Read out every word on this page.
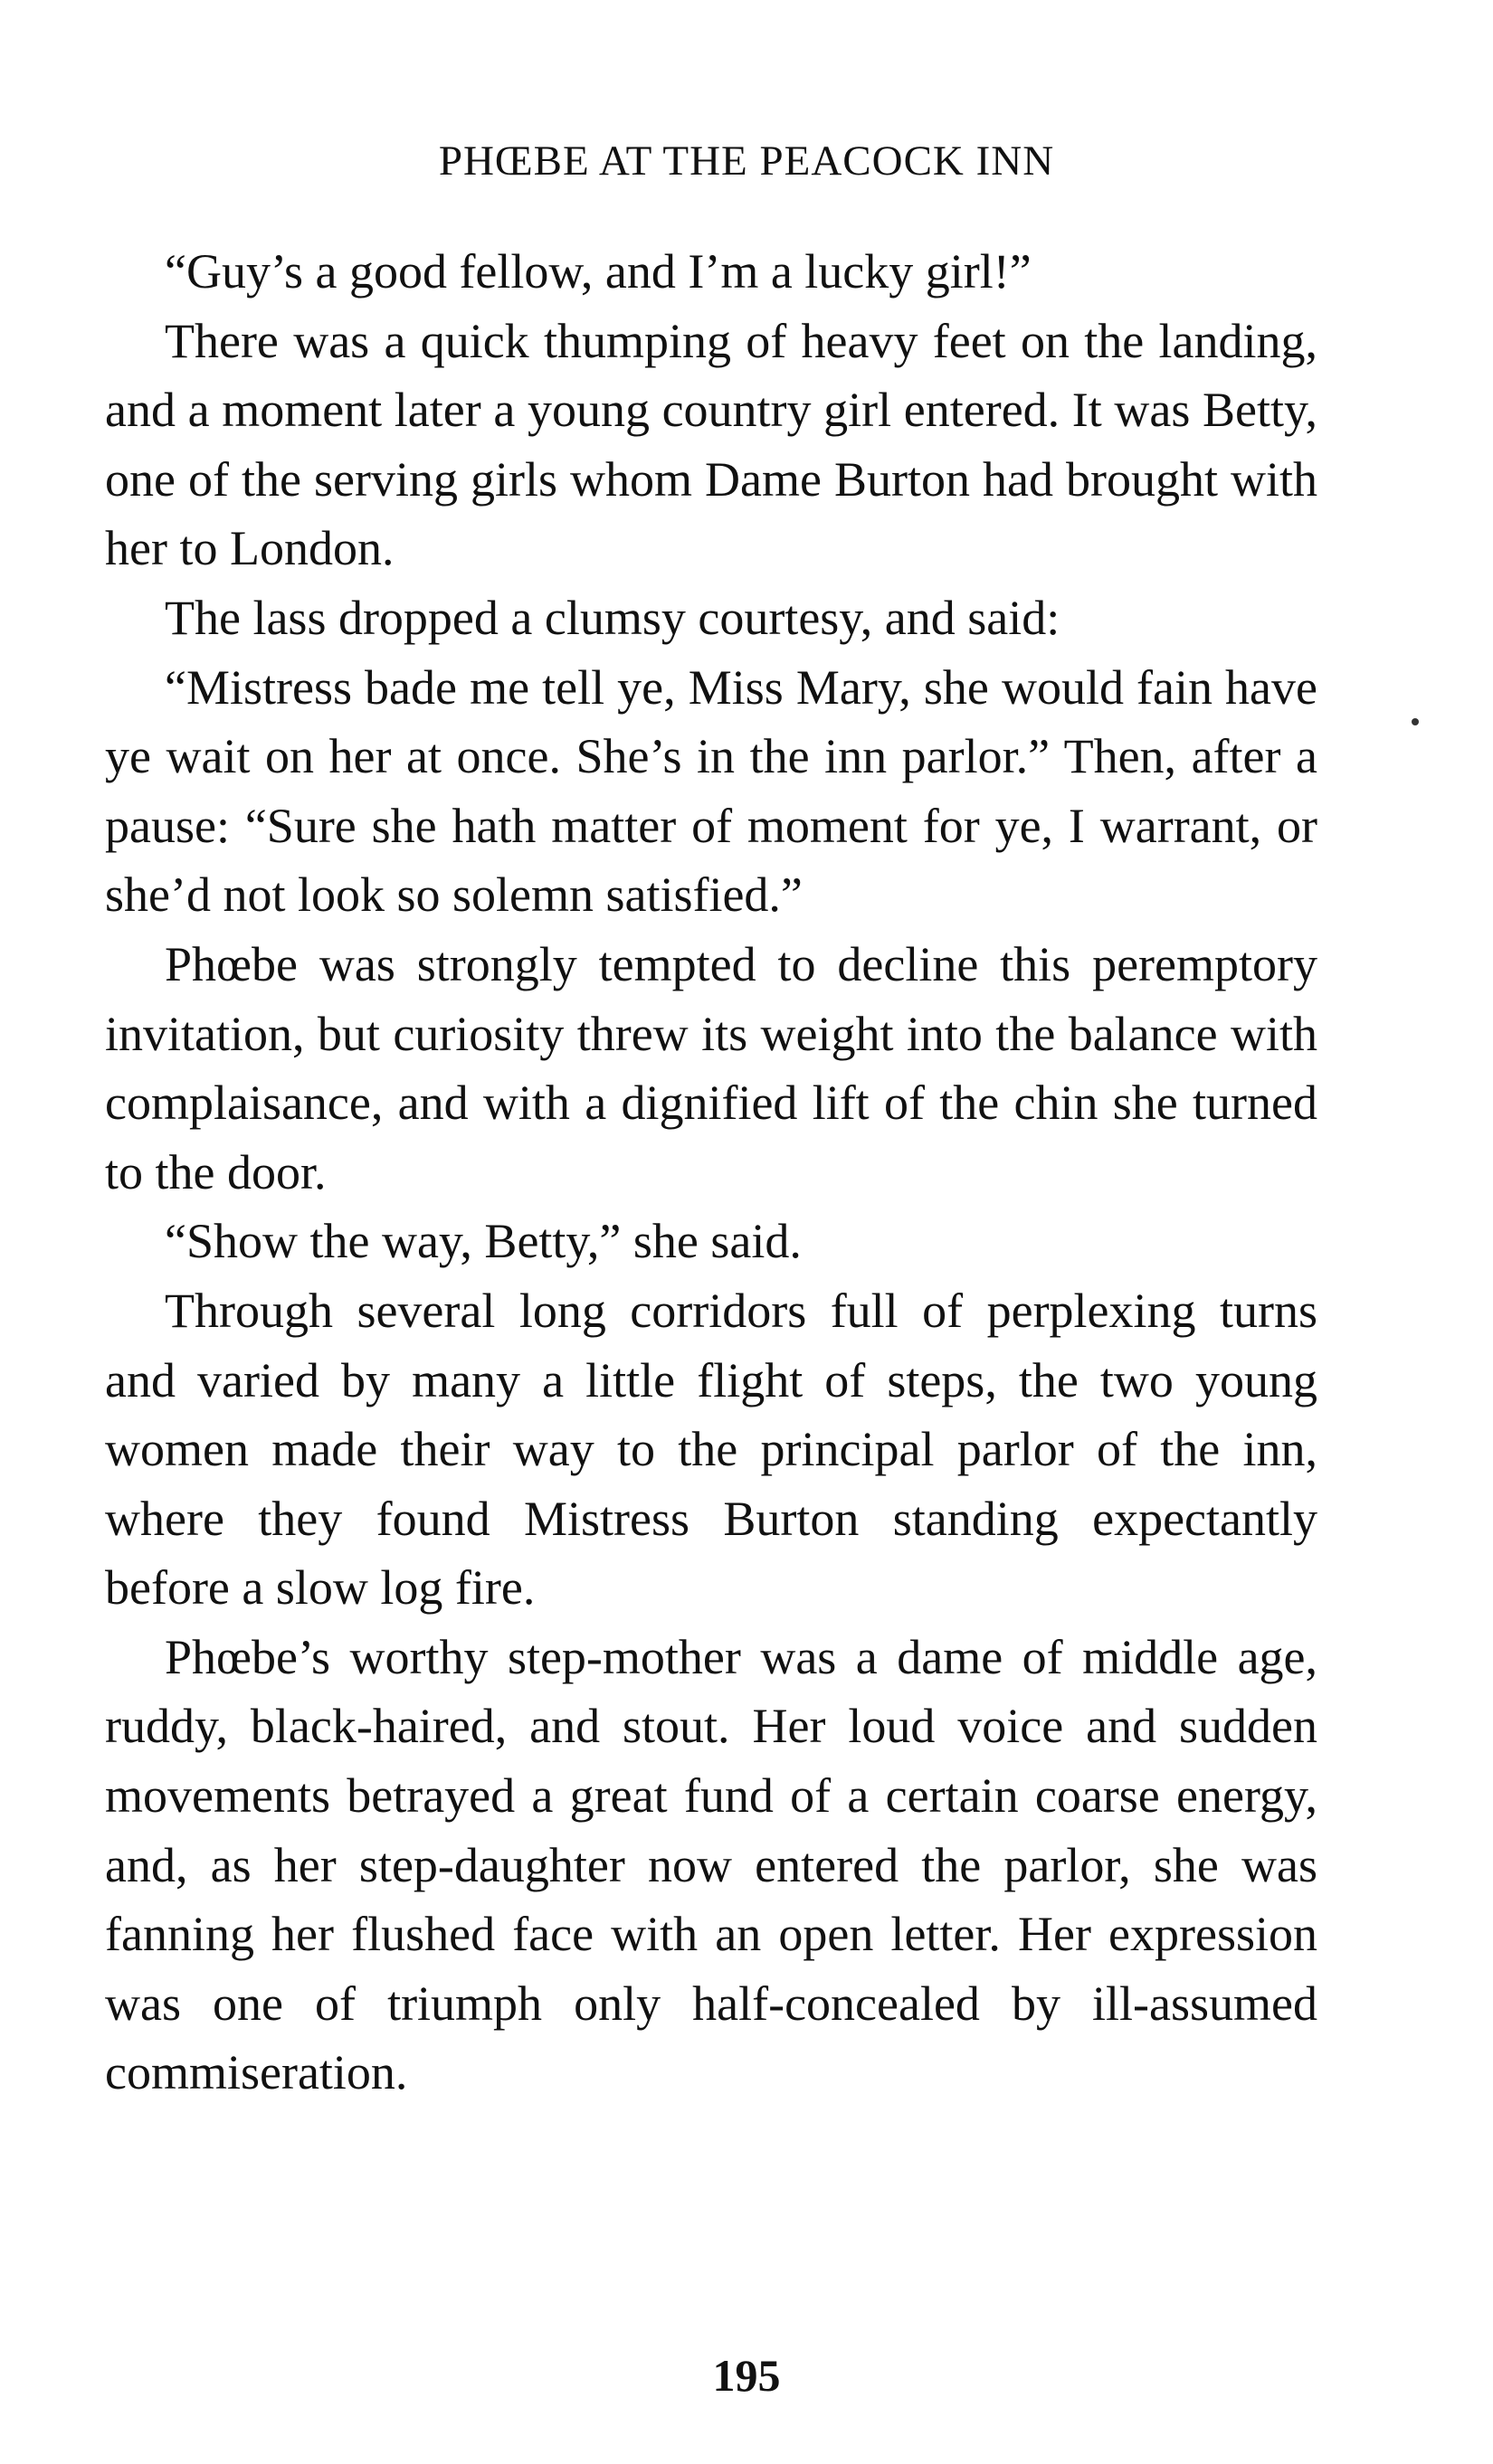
PHŒBE AT THE PEACOCK INN

“Guy’s a good fellow, and I’m a lucky girl!”

There was a quick thumping of heavy feet on the landing, and a moment later a young country girl entered. It was Betty, one of the serving girls whom Dame Burton had brought with her to London.

The lass dropped a clumsy courtesy, and said:

“Mistress bade me tell ye, Miss Mary, she would fain have ye wait on her at once. She’s in the inn parlor.” Then, after a pause: “Sure she hath matter of moment for ye, I warrant, or she’d not look so solemn satisfied.”

Phœbe was strongly tempted to decline this peremptory invitation, but curiosity threw its weight into the balance with complaisance, and with a dignified lift of the chin she turned to the door.

“Show the way, Betty,” she said.

Through several long corridors full of perplexing turns and varied by many a little flight of steps, the two young women made their way to the principal parlor of the inn, where they found Mistress Burton standing expectantly before a slow log fire.

Phœbe’s worthy step-mother was a dame of middle age, ruddy, black-haired, and stout. Her loud voice and sudden movements betrayed a great fund of a certain coarse energy, and, as her step-daughter now entered the parlor, she was fanning her flushed face with an open letter. Her expression was one of triumph only half-concealed by ill-assumed commiseration.

195
